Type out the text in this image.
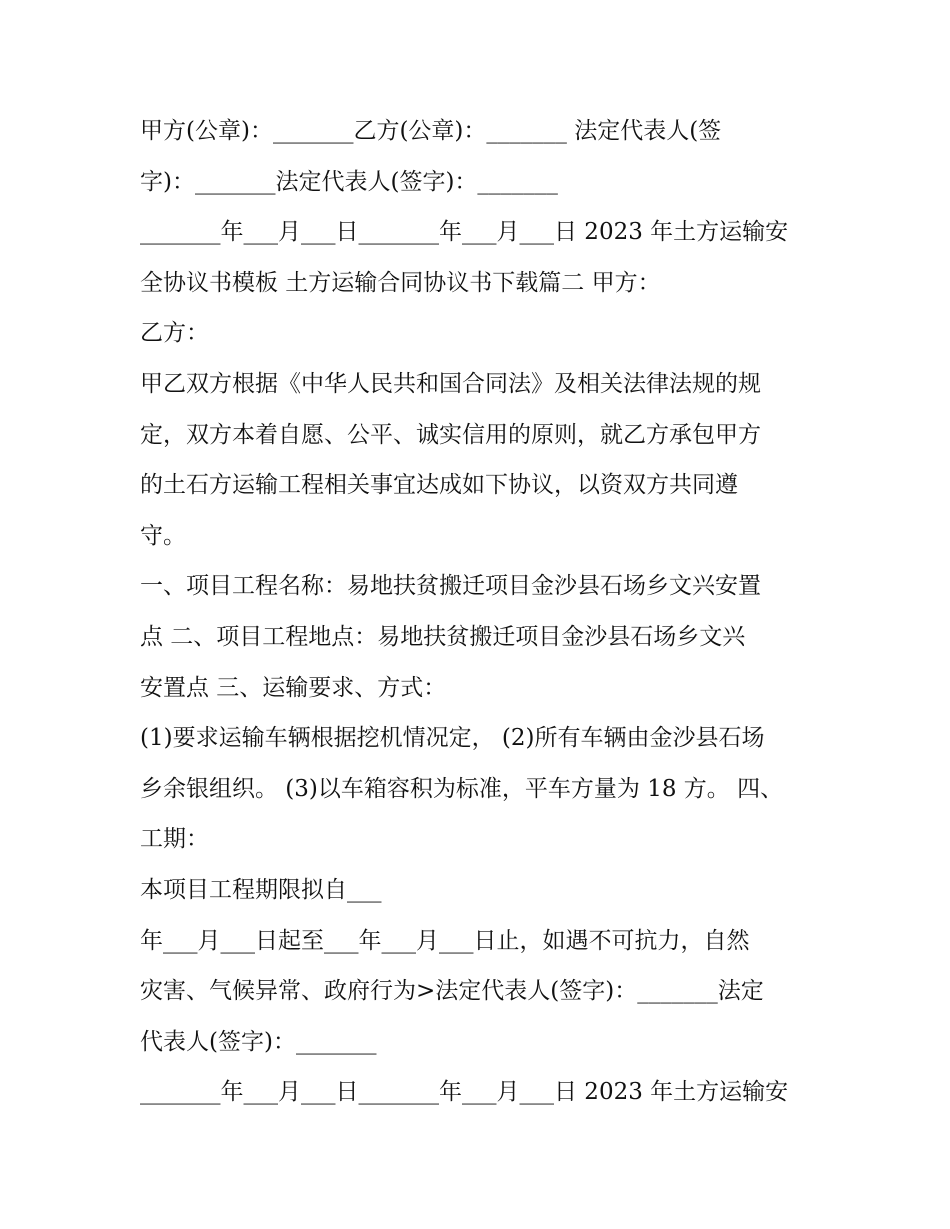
甲方(公章)：_______乙方(公章)：_______ 法定代表人(签
字)：_______法定代表人(签字)：_______
_______年___月___日_______年___月___日 2023 年土方运输安
全协议书模板 土方运输合同协议书下载篇二 甲方：
乙方：
甲乙双方根据《中华人民共和国合同法》及相关法律法规的规
定，双方本着自愿、公平、诚实信用的原则，就乙方承包甲方
的土石方运输工程相关事宜达成如下协议，以资双方共同遵
守。
一、项目工程名称：易地扶贫搬迁项目金沙县石场乡文兴安置
点 二、项目工程地点：易地扶贫搬迁项目金沙县石场乡文兴
安置点 三、运输要求、方式：
(1)要求运输车辆根据挖机情况定， (2)所有车辆由金沙县石场
乡余银组织。 (3)以车箱容积为标准，平车方量为 18 方。 四、
工期：
本项目工程期限拟自___
年___月___日起至___年___月___日止，如遇不可抗力，自然
灾害、气候异常、政府行为>法定代表人(签字)：_______法定
代表人(签字)：_______
_______年___月___日_______年___月___日 2023 年土方运输安
